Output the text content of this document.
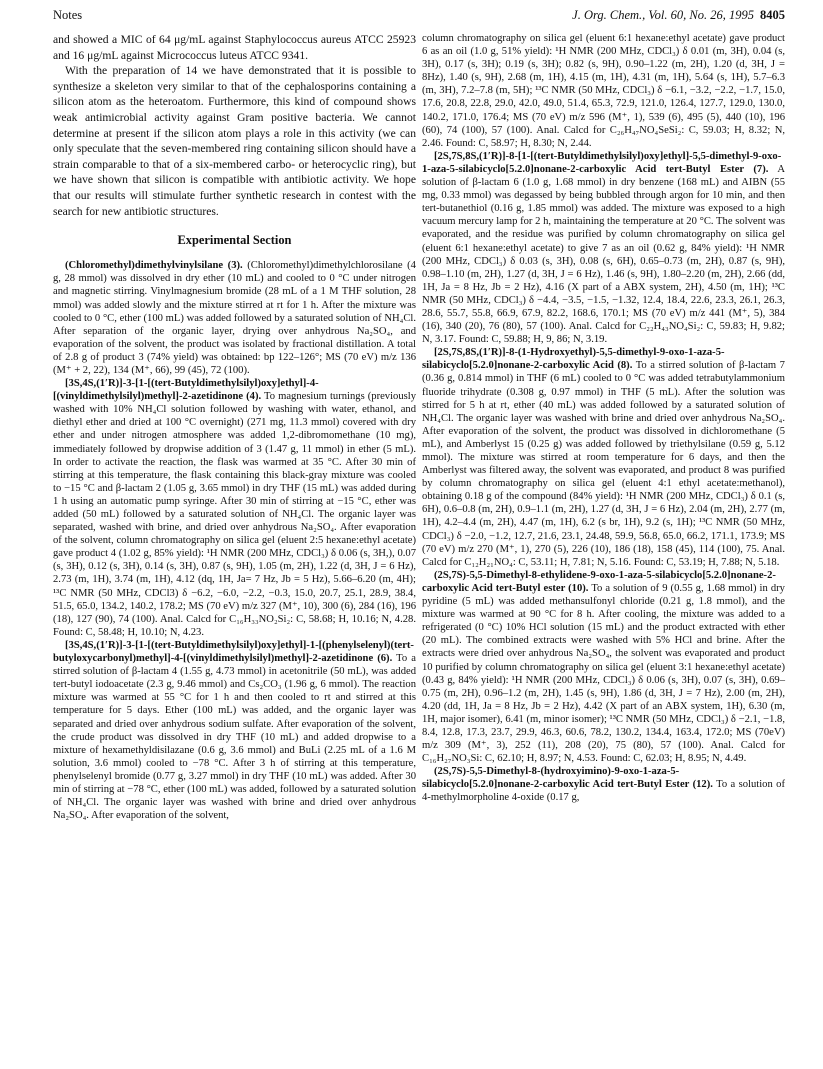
Notes	J. Org. Chem., Vol. 60, No. 26, 1995 8405

and showed a MIC of 64 μg/mL against Staphylococcus aureus ATCC 25923 and 16 μg/mL against Micrococcus luteus ATCC 9341.

With the preparation of 14 we have demonstrated that it is possible to synthesize a skeleton very similar to that of the cephalosporins containing a silicon atom as the heteroatom. Furthermore, this kind of compound shows weak antimicrobial activity against Gram positive bacteria. We cannot determine at present if the silicon atom plays a role in this activity (we can only speculate that the seven-membered ring containing silicon should have a strain comparable to that of a six-membered carbo- or heterocyclic ring), but we have shown that silicon is compatible with antibiotic activity. We hope that our results will stimulate further synthetic research in contest with the search for new antibiotic structures.

Experimental Section

(Chloromethyl)dimethylvinylsilane (3). (Chloromethyl)dimethylchlorosilane (4 g, 28 mmol) was dissolved in dry ether (10 mL) and cooled to 0 °C under nitrogen and magnetic stirring. Vinylmagnesium bromide (28 mL of a 1 M THF solution, 28 mmol) was added slowly and the mixture stirred at rt for 1 h. After the mixture was cooled to 0 °C, ether (100 mL) was added followed by a saturated solution of NH₄Cl. After separation of the organic layer, drying over anhydrous Na₂SO₄, and evaporation of the solvent, the product was isolated by fractional distillation. A total of 2.8 g of product 3 (74% yield) was obtained: bp 122–126°; MS (70 eV) m/z 136 (M⁺ + 2, 22), 134 (M⁺, 66), 99 (45), 72 (100).

[3S,4S,(1′R)]-3-[1-[(tert-Butyldimethylsilyl)oxy]ethyl]-4-[(vinyldimethylsilyl)methyl]-2-azetidinone (4). To magnesium turnings (previously washed with 10% NH₄Cl solution followed by washing with water, ethanol, and diethyl ether and dried at 100 °C overnight) (271 mg, 11.3 mmol) covered with dry ether and under nitrogen atmosphere was added 1,2-dibromomethane (10 mg), immediately followed by dropwise addition of 3 (1.47 g, 11 mmol) in ether (5 mL). In order to activate the reaction, the flask was warmed at 35 °C. After 30 min of stirring at this temperature, the flask containing this black-gray mixture was cooled to −15 °C and β-lactam 2 (1.05 g, 3.65 mmol) in dry THF (15 mL) was added during 1 h using an automatic pump syringe. After 30 min of stirring at −15 °C, ether was added (50 mL) followed by a saturated solution of NH₄Cl. The organic layer was separated, washed with brine, and dried over anhydrous Na₂SO₄. After evaporation of the solvent, column chromatography on silica gel (eluent 2:5 hexane:ethyl acetate) gave product 4 (1.02 g, 85% yield): ¹H NMR (200 MHz, CDCl₃) δ 0.06 (s, 3H,), 0.07 (s, 3H), 0.12 (s, 3H), 0.14 (s, 3H), 0.87 (s, 9H), 1.05 (m, 2H), 1.22 (d, 3H, J = 6 Hz), 2.73 (m, 1H), 3.74 (m, 1H), 4.12 (dq, 1H, Ja= 7 Hz, Jb = 5 Hz), 5.66–6.20 (m, 4H); ¹³C NMR (50 MHz, CDCl3) δ −6.2, −6.0, −2.2, −0.3, 15.0, 20.7, 25.1, 28.9, 38.4, 51.5, 65.0, 134.2, 140.2, 178.2; MS (70 eV) m/z 327 (M⁺, 10), 300 (6), 284 (16), 196 (18), 127 (90), 74 (100). Anal. Calcd for C₁₆H₃₃NO₂Si₂: C, 58.68; H, 10.16; N, 4.28. Found: C, 58.48; H, 10.10; N, 4.23.

[3S,4S,(1′R)]-3-[1-[(tert-Butyldimethylsilyl)oxy]ethyl]-1-[(phenylselenyl)(tert-butyloxycarbonyl)methyl]-4-[(vinyldimethylsilyl)methyl]-2-azetidinone (6). To a stirred solution of β-lactam 4 (1.55 g, 4.73 mmol) in acetonitrile (50 mL), was added tert-butyl iodoacetate (2.3 g, 9.46 mmol) and Cs₂CO₃ (1.96 g, 6 mmol). The reaction mixture was warmed at 55 °C for 1 h and then cooled to rt and stirred at this temperature for 5 days. Ether (100 mL) was added, and the organic layer was separated and dried over anhydrous sodium sulfate. After evaporation of the solvent, the crude product was dissolved in dry THF (10 mL) and added dropwise to a mixture of hexamethyldisilazane (0.6 g, 3.6 mmol) and BuLi (2.25 mL of a 1.6 M solution, 3.6 mmol) cooled to −78 °C. After 3 h of stirring at this temperature, phenylselenyl bromide (0.77 g, 3.27 mmol) in dry THF (10 mL) was added. After 30 min of stirring at −78 °C, ether (100 mL) was added, followed by a saturated solution of NH₄Cl. The organic layer was washed with brine and dried over anhydrous Na₂SO₄. After evaporation of the solvent,

column chromatography on silica gel (eluent 6:1 hexane:ethyl acetate) gave product 6 as an oil (1.0 g, 51% yield): ¹H NMR (200 MHz, CDCl₃) δ 0.01 (m, 3H), 0.04 (s, 3H), 0.17 (s, 3H); 0.19 (s, 3H); 0.82 (s, 9H), 0.90–1.22 (m, 2H), 1.20 (d, 3H, J = 8Hz), 1.40 (s, 9H), 2.68 (m, 1H), 4.15 (m, 1H), 4.31 (m, 1H), 5.64 (s, 1H), 5.7–6.3 (m, 3H), 7.2–7.8 (m, 5H); ¹³C NMR (50 MHz, CDCl₃) δ −6.1, −3.2, −2.2, −1.7, 15.0, 17.6, 20.8, 22.8, 29.0, 42.0, 49.0, 51.4, 65.3, 72.9, 121.0, 126.4, 127.7, 129.0, 130.0, 140.2, 171.0, 176.4; MS (70 eV) m/z 596 (M⁺, 1), 539 (6), 495 (5), 440 (10), 196 (60), 74 (100), 57 (100). Anal. Calcd for C₂₆H₄₇NO₄SeSi₂: C, 59.03; H, 8.32; N, 2.46. Found: C, 58.97; H, 8.30; N, 2.44.

[2S,7S,8S,(1′R)]-8-[1-[(tert-Butyldimethylsilyl)oxy]ethyl]-5,5-dimethyl-9-oxo-1-aza-5-silabicyclo[5.2.0]nonane-2-carboxylic Acid tert-Butyl Ester (7). A solution of β-lactam 6 (1.0 g, 1.68 mmol) in dry benzene (168 mL) and AIBN (55 mg, 0.33 mmol) was degassed by being bubbled through argon for 10 min, and then tert-butanethiol (0.16 g, 1.85 mmol) was added. The mixture was exposed to a high vacuum mercury lamp for 2 h, maintaining the temperature at 20 °C. The solvent was evaporated, and the residue was purified by column chromatography on silica gel (eluent 6:1 hexane:ethyl acetate) to give 7 as an oil (0.62 g, 84% yield): ¹H NMR (200 MHz, CDCl₃) δ 0.03 (s, 3H), 0.08 (s, 6H), 0.65–0.73 (m, 2H), 0.87 (s, 9H), 0.98–1.10 (m, 2H), 1.27 (d, 3H, J = 6 Hz), 1.46 (s, 9H), 1.80–2.20 (m, 2H), 2.66 (dd, 1H, Ja = 8 Hz, Jb = 2 Hz), 4.16 (X part of a ABX system, 2H), 4.50 (m, 1H); ¹³C NMR (50 MHz, CDCl₃) δ −4.4, −3.5, −1.5, −1.32, 12.4, 18.4, 22.6, 23.3, 26.1, 26.3, 28.6, 55.7, 55.8, 66.9, 67.9, 82.2, 168.6, 170.1; MS (70 eV) m/z 441 (M⁺, 5), 384 (16), 340 (20), 76 (80), 57 (100). Anal. Calcd for C₂₂H₄₃NO₄Si₂: C, 59.83; H, 9.82; N, 3.17. Found: C, 59.88; H, 9, 86; N, 3.19.

[2S,7S,8S,(1′R)]-8-(1-Hydroxyethyl)-5,5-dimethyl-9-oxo-1-aza-5-silabicyclo[5.2.0]nonane-2-carboxylic Acid (8). To a stirred solution of β-lactam 7 (0.36 g, 0.814 mmol) in THF (6 mL) cooled to 0 °C was added tetrabutylammonium fluoride trihydrate (0.308 g, 0.97 mmol) in THF (5 mL). After the solution was stirred for 5 h at rt, ether (40 mL) was added followed by a saturated solution of NH₄Cl. The organic layer was washed with brine and dried over anhydrous Na₂SO₄. After evaporation of the solvent, the product was dissolved in dichloromethane (5 mL), and Amberlyst 15 (0.25 g) was added followed by triethylsilane (0.59 g, 5.12 mmol). The mixture was stirred at room temperature for 6 days, and then the Amberlyst was filtered away, the solvent was evaporated, and product 8 was purified by column chromatography on silica gel (eluent 4:1 ethyl acetate:methanol), obtaining 0.18 g of the compound (84% yield): ¹H NMR (200 MHz, CDCl₃) δ 0.1 (s, 6H), 0.6–0.8 (m, 2H), 0.9–1.1 (m, 2H), 1.27 (d, 3H, J = 6 Hz), 2.04 (m, 2H), 2.77 (m, 1H), 4.2–4.4 (m, 2H), 4.47 (m, 1H), 6.2 (s br, 1H), 9.2 (s, 1H); ¹³C NMR (50 MHz, CDCl₃) δ −2.0, −1.2, 12.7, 21.6, 23.1, 24.48, 59.9, 56.8, 65.0, 66.2, 171.1, 173.9; MS (70 eV) m/z 270 (M⁺, 1), 270 (5), 226 (10), 186 (18), 158 (45), 114 (100), 75. Anal. Calcd for C₁₂H₂₁NO₄: C, 53.11; H, 7.81; N, 5.16. Found: C, 53.19; H, 7.88; N, 5.18.

(2S,7S)-5,5-Dimethyl-8-ethylidene-9-oxo-1-aza-5-silabicyclo[5.2.0]nonane-2-carboxylic Acid tert-Butyl ester (10). To a solution of 9 (0.55 g, 1.68 mmol) in dry pyridine (5 mL) was added methansulfonyl chloride (0.21 g, 1.8 mmol), and the mixture was warmed at 90 °C for 8 h. After cooling, the mixture was added to a refrigerated (0 °C) 10% HCl solution (15 mL) and the product extracted with ether (20 mL). The combined extracts were washed with 5% HCl and brine. After the extracts were dried over anhydrous Na₂SO₄, the solvent was evaporated and product 10 purified by column chromatography on silica gel (eluent 3:1 hexane:ethyl acetate) (0.43 g, 84% yield): ¹H NMR (200 MHz, CDCl₃) δ 0.06 (s, 3H), 0.07 (s, 3H), 0.69–0.75 (m, 2H), 0.96–1.2 (m, 2H), 1.45 (s, 9H), 1.86 (d, 3H, J = 7 Hz), 2.00 (m, 2H), 4.20 (dd, 1H, Ja = 8 Hz, Jb = 2 Hz), 4.42 (X part of an ABX system, 1H), 6.30 (m, 1H, major isomer), 6.41 (m, minor isomer); ¹³C NMR (50 MHz, CDCl₃) δ −2.1, −1.8, 8.4, 12.8, 17.3, 23.7, 29.9, 46.3, 60.6, 78.2, 130.2, 134.4, 163.4, 172.0; MS (70eV) m/z 309 (M⁺, 3), 252 (11), 208 (20), 75 (80), 57 (100). Anal. Calcd for C₁₆H₂₇NO₃Si: C, 62.10; H, 8.97; N, 4.53. Found: C, 62.03; H, 8.95; N, 4.49.

(2S,7S)-5,5-Dimethyl-8-(hydroxyimino)-9-oxo-1-aza-5-silabicyclo[5.2.0]nonane-2-carboxylic Acid tert-Butyl Ester (12). To a solution of 4-methylmorpholine 4-oxide (0.17 g,
